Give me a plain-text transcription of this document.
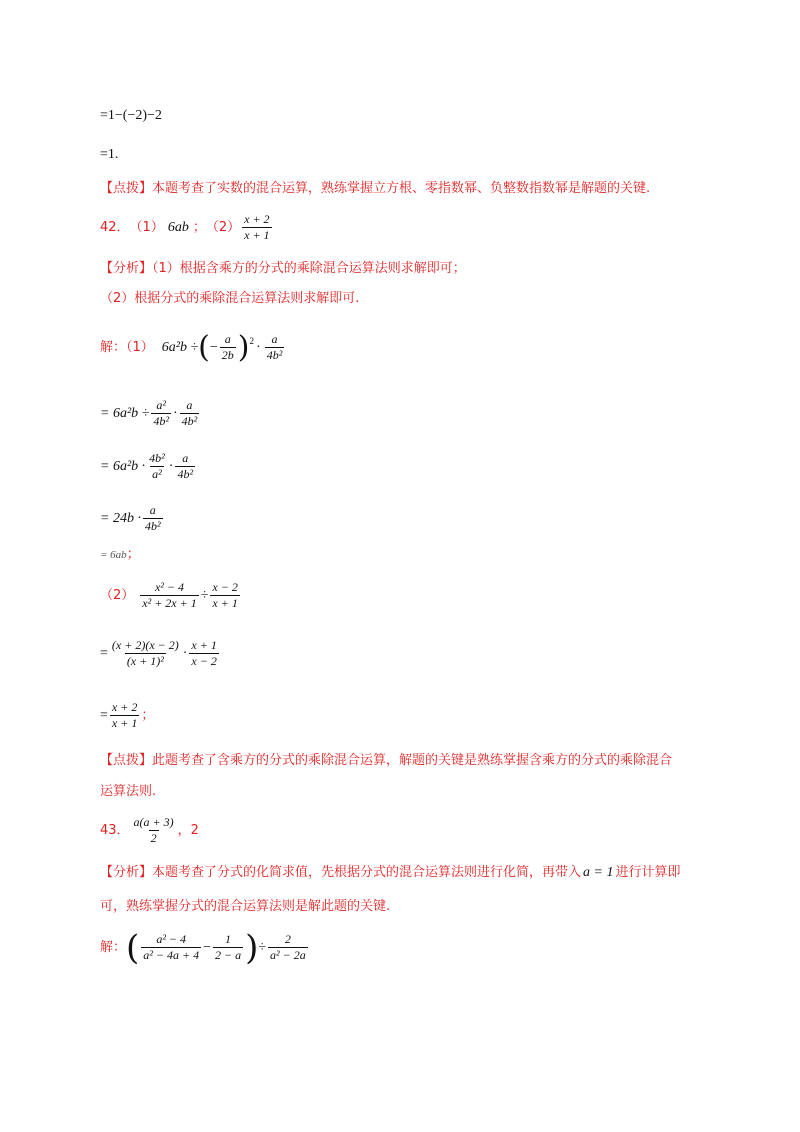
=1−(−2)−2
=1.
【点拨】本题考查了实数的混合运算，熟练掌握立方根、零指数幂、负整数指数幂是解题的关键.
42． （1） 6ab ； $(2) \frac{x + 2}{x + 1}$
【分析】（1）根据含乘方的分式的乘除混合运算法则求解即可；
（2）根据分式的乘除混合运算法则求解即可.
解：（1） 6a²b ÷ ( − $\frac{a}{2b}$ ) $2 \cdot \frac{a}{\text{4b²}}$
= $6a^2b \div \frac{\text{a²}}{\text{4b²}} \cdot \frac{a}{\text{4b²}}$
= $6a^2b \cdot \frac{\text{4b²}}{\text{a²}} \cdot \frac{a}{\text{4b²}}$
= $24b \cdot \frac{a}{\text{4b²}}$
= 6ab；
$(2) \frac{\text{x² − 4}}{\text{x² + 2x + 1}} \div \frac{x - 2}{x + 1}$
= $\frac{(x + 2)(x - 2)}{\text{(x + 1)²}} \cdot \frac{x + 1}{x - 2}$
= $\frac{x + 2}{x + 1}$ ；
【点拨】此题考查了含乘方的分式的乘除混合运算，解题的关键是熟练掌握含乘方的分式的乘除混合
运算法则.
43． $\frac{a(a + 3)}{2}$ ，2
【分析】本题考查了分式的化简求值，先根据分式的混合运算法则进行化简，再带入 a = 1 进行计算即
可，熟练掌握分式的混合运算法则是解此题的关键.
解： ( $\frac{\text{a² − 4}}{\text{a² − 4a + 4}} - \frac{1}{2 - a}$ ) ÷ $\frac{2}{\text{a² − 2a}}$
